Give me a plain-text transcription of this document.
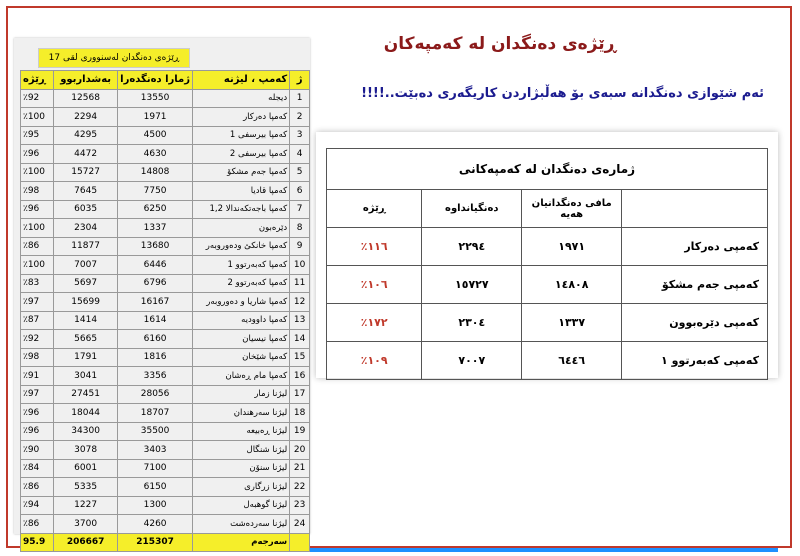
ڕێژەی دەنگدان لەسنووری لقی 17
ڕێژە	بەشداربوو	ژمارا دەنگدەرا	کەمپ ، لیژنە	ژ
٪92	12568	13550	دیجلە	1
٪100	2294	1971	کەمپا دەرکار	2
٪95	4295	4500	کەمپا بیرسفی 1	3
٪96	4472	4630	کەمپا بیرسفی 2	4
٪100	15727	14808	کەمپا جەم مشکۆ	5
٪98	7645	7750	کەمپا قادیا	6
٪96	6035	6250	کەمپا باجەتکەندالا 1,2	7
٪100	2304	1337	دێرەبون	8
٪86	11877	13680	کەمپا خانکێ ودەوروبەر	9
٪100	7007	6446	کەمپا کەبەرتوو 1	10
٪83	5697	6796	کەمپا کەبەرتوو 2	11
٪97	15699	16167	کەمپا شاریا و دەوروبەر	12
٪87	1414	1614	کەمپا داوودیە	13
٪92	5665	6160	کەمپا نیسیان	14
٪98	1791	1816	کەمپا شێخان	15
٪91	3041	3356	کەمپا مام ڕەشان	16
٪97	27451	28056	لیژنا زمار	17
٪96	18044	18707	لیژنا سەرهندان	18
٪96	34300	35500	لیژنا ڕەبیعە	19
٪90	3078	3403	لیژنا شنگال	20
٪84	6001	7100	لیژنا سنۆن	21
٪86	5335	6150	لیژنا زرگاری	22
٪94	1227	1300	لیژنا گوهبەل	23
٪86	3700	4260	لیژنا سەردەشت	24
95.9	206667	215307	سەرجەم	
ڕێژەی دەنگدان لە کەمپەکان
ئەم شێوازی دەنگدانە سبەی بۆ هەڵبژاردن کاریگەری دەبێت..!!!!
ژمارەی دەنگدان لە کەمپەکانی			
ڕێژە	دەنگیانداوە	مافی دەنگدانیان هەیە	
٪١١٦	٢٢٩٤	١٩٧١	کەمپی دەرکار
٪١٠٦	١٥٧٢٧	١٤٨٠٨	کەمپی جەم مشکۆ
٪١٧٢	٢٣٠٤	١٣٣٧	کەمپی دێرەبوون
٪١٠٩	٧٠٠٧	٦٤٤٦	کەمپی کەبەرتوو ١
